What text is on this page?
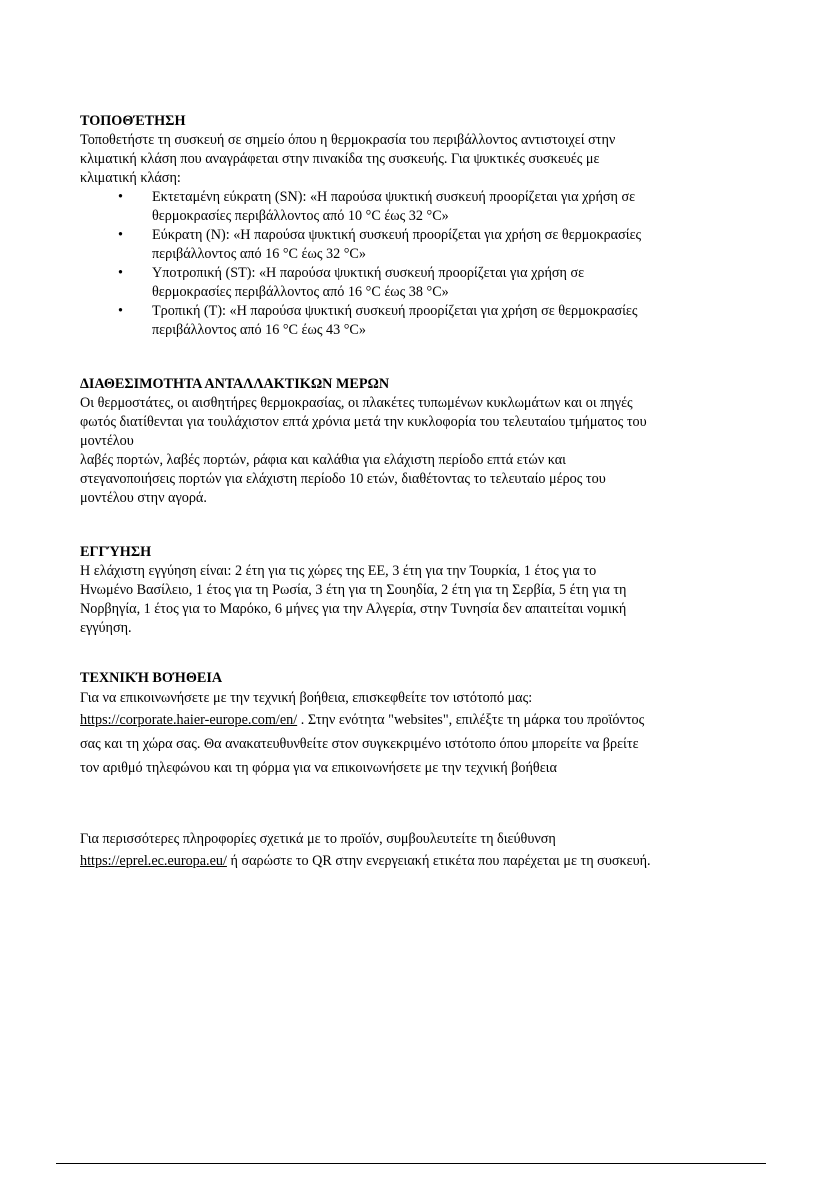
ΤΟΠΟΘΈΤΗΣΗ

Τοποθετήστε τη συσκευή σε σημείο όπου η θερμοκρασία του περιβάλλοντος αντιστοιχεί στην

κλιματική κλάση που αναγράφεται στην πινακίδα της συσκευής. Για ψυκτικές συσκευές με

κλιματική κλάση:

• Εκτεταμένη εύκρατη (SN): «Η παρούσα ψυκτική συσκευή προορίζεται για χρήση σε
θερμοκρασίες περιβάλλοντος από 10 °C έως 32 °C»
• Εύκρατη (N): «Η παρούσα ψυκτική συσκευή προορίζεται για χρήση σε θερμοκρασίες
περιβάλλοντος από 16 °C έως 32 °C»
• Υποτροπική (ST): «Η παρούσα ψυκτική συσκευή προορίζεται για χρήση σε
θερμοκρασίες περιβάλλοντος από 16 °C έως 38 °C»
• Τροπική (T): «Η παρούσα ψυκτική συσκευή προορίζεται για χρήση σε θερμοκρασίες
περιβάλλοντος από 16 °C έως 43 °C»

ΔΙΑΘΕΣΙΜΟΤΗΤΑ ΑΝΤΑΛΛΑΚΤΙΚΩΝ ΜΕΡΩΝ

Οι θερμοστάτες, οι αισθητήρες θερμοκρασίας, οι πλακέτες τυπωμένων κυκλωμάτων και οι πηγές

φωτός διατίθενται για τουλάχιστον επτά χρόνια μετά την κυκλοφορία του τελευταίου τμήματος του

μοντέλου

λαβές πορτών, λαβές πορτών, ράφια και καλάθια για ελάχιστη περίοδο επτά ετών και

στεγανοποιήσεις πορτών για ελάχιστη περίοδο 10 ετών, διαθέτοντας το τελευταίο μέρος του

μοντέλου στην αγορά.

ΕΓΓΎΗΣΗ

Η ελάχιστη εγγύηση είναι: 2 έτη για τις χώρες της ΕΕ, 3 έτη για την Τουρκία, 1 έτος για το

Ηνωμένο Βασίλειο, 1 έτος για τη Ρωσία, 3 έτη για τη Σουηδία, 2 έτη για τη Σερβία, 5 έτη για τη

Νορβηγία, 1 έτος για το Μαρόκο, 6 μήνες για την Αλγερία, στην Τυνησία δεν απαιτείται νομική

εγγύηση.

ΤΕΧΝΙΚΉ ΒΟΉΘΕΙΑ

Για να επικοινωνήσετε με την τεχνική βοήθεια, επισκεφθείτε τον ιστότοπό μας:

https://corporate.haier-europe.com/en/ . Στην ενότητα "websites", επιλέξτε τη μάρκα του προϊόντος

σας και τη χώρα σας. Θα ανακατευθυνθείτε στον συγκεκριμένο ιστότοπο όπου μπορείτε να βρείτε

τον αριθμό τηλεφώνου και τη φόρμα για να επικοινωνήσετε με την τεχνική βοήθεια

Για περισσότερες πληροφορίες σχετικά με το προϊόν, συμβουλευτείτε τη διεύθυνση

https://eprel.ec.europa.eu/ ή σαρώστε το QR στην ενεργειακή ετικέτα που παρέχεται με τη συσκευή.
